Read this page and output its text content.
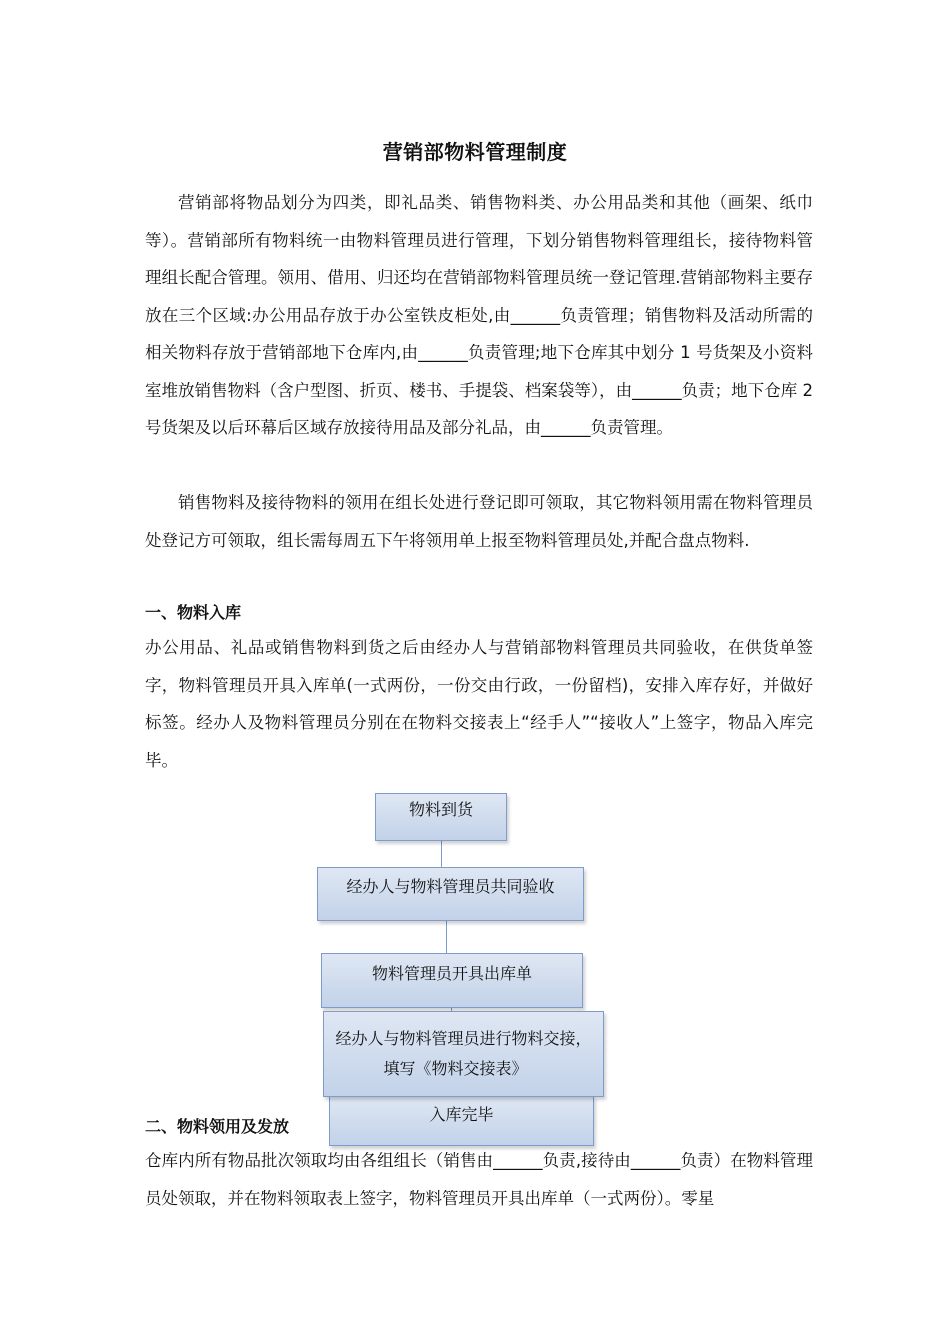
营销部物料管理制度

营销部将物品划分为四类，即礼品类、销售物料类、办公用品类和其他（画架、纸巾等）。营销部所有物料统一由物料管理员进行管理，下划分销售物料管理组长，接待物料管理组长配合管理。领用、借用、归还均在营销部物料管理员统一登记管理.营销部物料主要存放在三个区域:办公用品存放于办公室铁皮柜处,由______负责管理；销售物料及活动所需的相关物料存放于营销部地下仓库内,由______负责管理;地下仓库其中划分 1 号货架及小资料室堆放销售物料（含户型图、折页、楼书、手提袋、档案袋等），由______负责；地下仓库 2 号货架及以后环幕后区域存放接待用品及部分礼品，由______负责管理。

销售物料及接待物料的领用在组长处进行登记即可领取，其它物料领用需在物料管理员处登记方可领取，组长需每周五下午将领用单上报至物料管理员处,并配合盘点物料.

一、物料入库

办公用品、礼品或销售物料到货之后由经办人与营销部物料管理员共同验收，在供货单签字，物料管理员开具入库单(一式两份，一份交由行政，一份留档)，安排入库存好，并做好标签。经办人及物料管理员分别在在物料交接表上“经手人”“接收人”上签字，物品入库完毕。

物料到货
经办人与物料管理员共同验收
物料管理员开具出库单
入库完毕
经办人与物料管理员进行物料交接，
填写《物料交接表》
二、物料领用及发放

仓库内所有物品批次领取均由各组组长（销售由______负责,接待由______负责）在物料管理员处领取，并在物料领取表上签字，物料管理员开具出库单（一式两份）。零星
